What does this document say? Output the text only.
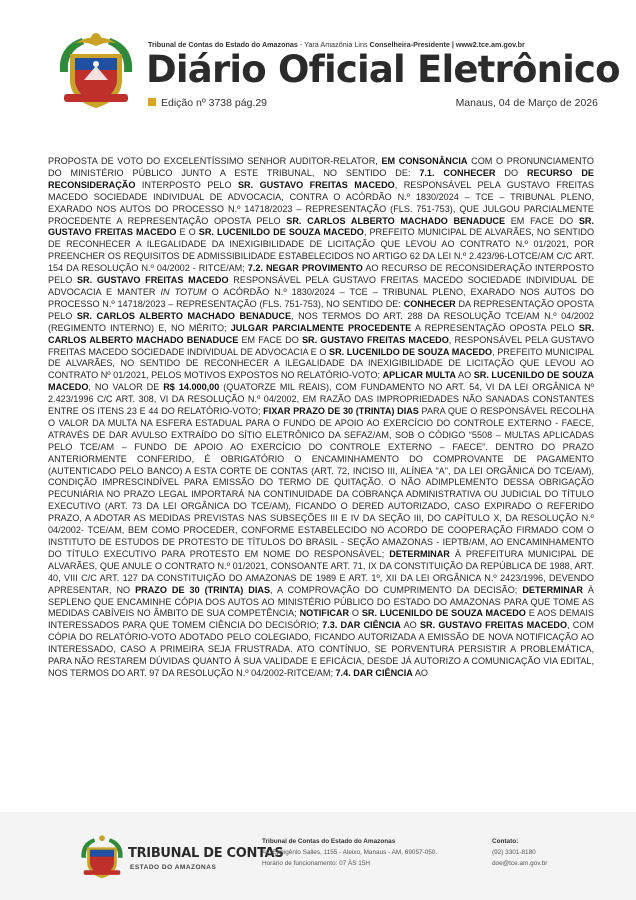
Tribunal de Contas do Estado do Amazonas - Yara Amazônia Lins Conselheira-Presidente | www2.tce.am.gov.br
Diário Oficial Eletrônico
Edição nº 3738 pág.29	Manaus, 04 de Março de 2026
PROPOSTA DE VOTO DO EXCELENTÍSSIMO SENHOR AUDITOR-RELATOR, EM CONSONÂNCIA COM O PRONUNCIAMENTO DO MINISTÉRIO PÚBLICO JUNTO A ESTE TRIBUNAL, NO SENTIDO DE: 7.1. CONHECER DO RECURSO DE RECONSIDERAÇÃO INTERPOSTO PELO SR. GUSTAVO FREITAS MACEDO, RESPONSÁVEL PELA GUSTAVO FREITAS MACEDO SOCIEDADE INDIVIDUAL DE ADVOCACIA, CONTRA O ACÓRDÃO N.º 1830/2024 – TCE – TRIBUNAL PLENO, EXARADO NOS AUTOS DO PROCESSO N.º 14718/2023 – REPRESENTAÇÃO (FLS. 751-753), QUE JULGOU PARCIALMENTE PROCEDENTE A REPRESENTAÇÃO OPOSTA PELO SR. CARLOS ALBERTO MACHADO BENADUCE EM FACE DO SR. GUSTAVO FREITAS MACEDO E O SR. LUCENILDO DE SOUZA MACEDO, PREFEITO MUNICIPAL DE ALVARÃES, NO SENTIDO DE RECONHECER A ILEGALIDADE DA INEXIGIBILIDADE DE LICITAÇÃO QUE LEVOU AO CONTRATO N.º 01/2021, POR PREENCHER OS REQUISITOS DE ADMISSIBILIDADE ESTABELECIDOS NO ARTIGO 62 DA LEI N.º 2.423/96-LOTCE/AM C/C ART. 154 DA RESOLUÇÃO N.º 04/2002 - RITCE/AM; 7.2. NEGAR PROVIMENTO AO RECURSO DE RECONSIDERAÇÃO INTERPOSTO PELO SR. GUSTAVO FREITAS MACEDO RESPONSÁVEL PELA GUSTAVO FREITAS MACEDO SOCIEDADE INDIVIDUAL DE ADVOCACIA E MANTER IN TOTUM O ACÓRDÃO N.º 1830/2024 – TCE – TRIBUNAL PLENO, EXARADO NOS AUTOS DO PROCESSO N.º 14718/2023 – REPRESENTAÇÃO (FLS. 751-753), NO SENTIDO DE: CONHECER DA REPRESENTAÇÃO OPOSTA PELO SR. CARLOS ALBERTO MACHADO BENADUCE, NOS TERMOS DO ART. 288 DA RESOLUÇÃO TCE/AM N.º 04/2002 (REGIMENTO INTERNO) E, NO MÉRITO; JULGAR PARCIALMENTE PROCEDENTE A REPRESENTAÇÃO OPOSTA PELO SR. CARLOS ALBERTO MACHADO BENADUCE EM FACE DO SR. GUSTAVO FREITAS MACEDO, RESPONSÁVEL PELA GUSTAVO FREITAS MACEDO SOCIEDADE INDIVIDUAL DE ADVOCACIA E O SR. LUCENILDO DE SOUZA MACEDO, PREFEITO MUNICIPAL DE ALVARÃES, NO SENTIDO DE RECONHECER A ILEGALIDADE DA INEXIGIBILIDADE DE LICITAÇÃO QUE LEVOU AO CONTRATO Nº 01/2021, PELOS MOTIVOS EXPOSTOS NO RELATÓRIO-VOTO; APLICAR MULTA AO SR. LUCENILDO DE SOUZA MACEDO, NO VALOR DE R$ 14.000,00 (QUATORZE MIL REAIS), COM FUNDAMENTO NO ART. 54, VI DA LEI ORGÂNICA Nº 2.423/1996 C/C ART. 308, VI DA RESOLUÇÃO N.º 04/2002, EM RAZÃO DAS IMPROPRIEDADES NÃO SANADAS CONSTANTES ENTRE OS ITENS 23 E 44 DO RELATÓRIO-VOTO; FIXAR PRAZO DE 30 (TRINTA) DIAS PARA QUE O RESPONSÁVEL RECOLHA O VALOR DA MULTA NA ESFERA ESTADUAL PARA O FUNDO DE APOIO AO EXERCÍCIO DO CONTROLE EXTERNO - FAECE, ATRAVÉS DE DAR AVULSO EXTRAÍDO DO SÍTIO ELETRÔNICO DA SEFAZ/AM, SOB O CÓDIGO “5508 – MULTAS APLICADAS PELO TCE/AM – FUNDO DE APOIO AO EXERCÍCIO DO CONTROLE EXTERNO – FAECE”. DENTRO DO PRAZO ANTERIORMENTE CONFERIDO, É OBRIGATÓRIO O ENCAMINHAMENTO DO COMPROVANTE DE PAGAMENTO (AUTENTICADO PELO BANCO) A ESTA CORTE DE CONTAS (ART. 72, INCISO III, ALÍNEA "A", DA LEI ORGÂNICA DO TCE/AM), CONDIÇÃO IMPRESCINDÍVEL PARA EMISSÃO DO TERMO DE QUITAÇÃO. O NÃO ADIMPLEMENTO DESSA OBRIGAÇÃO PECUNIÁRIA NO PRAZO LEGAL IMPORTARÁ NA CONTINUIDADE DA COBRANÇA ADMINISTRATIVA OU JUDICIAL DO TÍTULO EXECUTIVO (ART. 73 DA LEI ORGÂNICA DO TCE/AM), FICANDO O DERED AUTORIZADO, CASO EXPIRADO O REFERIDO PRAZO, A ADOTAR AS MEDIDAS PREVISTAS NAS SUBSEÇÕES III E IV DA SEÇÃO III, DO CAPÍTULO X, DA RESOLUÇÃO N.º 04/2002- TCE/AM, BEM COMO PROCEDER, CONFORME ESTABELECIDO NO ACORDO DE COOPERAÇÃO FIRMADO COM O INSTITUTO DE ESTUDOS DE PROTESTO DE TÍTULOS DO BRASIL - SEÇÃO AMAZONAS - IEPTB/AM, AO ENCAMINHAMENTO DO TÍTULO EXECUTIVO PARA PROTESTO EM NOME DO RESPONSÁVEL; DETERMINAR À PREFEITURA MUNICIPAL DE ALVARÃES, QUE ANULE O CONTRATO N.º 01/2021, CONSOANTE ART. 71, IX DA CONSTITUIÇÃO DA REPÚBLICA DE 1988, ART. 40, VIII C/C ART. 127 DA CONSTITUIÇÃO DO AMAZONAS DE 1989 E ART. 1º, XII DA LEI ORGÂNICA N.º 2423/1996, DEVENDO APRESENTAR, NO PRAZO DE 30 (TRINTA) DIAS, A COMPROVAÇÃO DO CUMPRIMENTO DA DECISÃO; DETERMINAR À SEPLENO QUE ENCAMINHE CÓPIA DOS AUTOS AO MINISTÉRIO PÚBLICO DO ESTADO DO AMAZONAS PARA QUE TOME AS MEDIDAS CABÍVEIS NO ÂMBITO DE SUA COMPETÊNCIA; NOTIFICAR O SR. LUCENILDO DE SOUZA MACEDO E AOS DEMAIS INTERESSADOS PARA QUE TOMEM CIÊNCIA DO DECISÓRIO; 7.3. DAR CIÊNCIA AO SR. GUSTAVO FREITAS MACEDO, COM CÓPIA DO RELATÓRIO-VOTO ADOTADO PELO COLEGIADO, FICANDO AUTORIZADA A EMISSÃO DE NOVA NOTIFICAÇÃO AO INTERESSADO, CASO A PRIMEIRA SEJA FRUSTRADA. ATO CONTÍNUO, SE PORVENTURA PERSISTIR A PROBLEMÁTICA, PARA NÃO RESTAREM DÚVIDAS QUANTO À SUA VALIDADE E EFICÁCIA, DESDE JÁ AUTORIZO A COMUNICAÇÃO VIA EDITAL, NOS TERMOS DO ART. 97 DA RESOLUÇÃO N.º 04/2002-RITCE/AM; 7.4. DAR CIÊNCIA AO
TRIBUNAL DE CONTAS
ESTADO DO AMAZONAS
Tribunal de Contas do Estado do Amazonas
Av. Ephigênio Salles, 1155 - Aleixo, Manaus - AM, 69057-050.
Horário de funcionamento: 07 ÀS 15H
Contato:
(92) 3301-8180
doe@tce.am.gov.br
